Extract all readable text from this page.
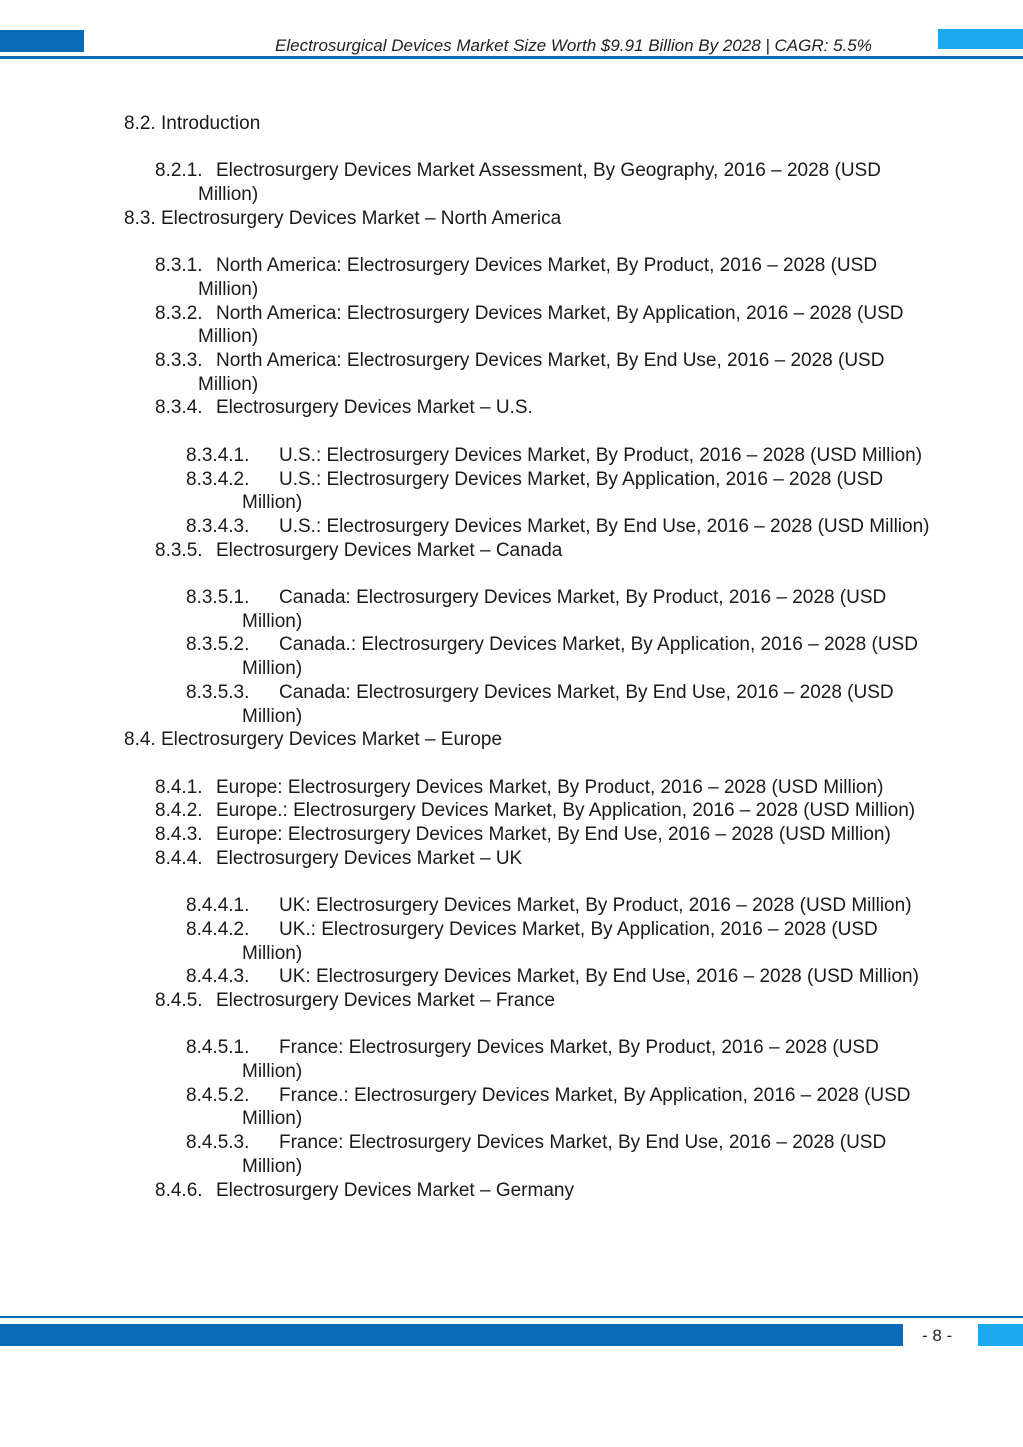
Electrosurgical Devices Market Size Worth $9.91 Billion By 2028 | CAGR: 5.5%
8.2. Introduction
8.2.1. Electrosurgery Devices Market Assessment, By Geography, 2016 – 2028 (USD Million)
8.3. Electrosurgery Devices Market – North America
8.3.1. North America: Electrosurgery Devices Market, By Product, 2016 – 2028 (USD Million)
8.3.2. North America: Electrosurgery Devices Market, By Application, 2016 – 2028 (USD Million)
8.3.3. North America: Electrosurgery Devices Market, By End Use, 2016 – 2028 (USD Million)
8.3.4. Electrosurgery Devices Market – U.S.
8.3.4.1.	U.S.: Electrosurgery Devices Market, By Product, 2016 – 2028 (USD Million)
8.3.4.2.	U.S.: Electrosurgery Devices Market, By Application, 2016 – 2028 (USD Million)
8.3.4.3.	U.S.: Electrosurgery Devices Market, By End Use, 2016 – 2028 (USD Million)
8.3.5. Electrosurgery Devices Market – Canada
8.3.5.1.	Canada: Electrosurgery Devices Market, By Product, 2016 – 2028 (USD Million)
8.3.5.2.	Canada.: Electrosurgery Devices Market, By Application, 2016 – 2028 (USD Million)
8.3.5.3.	Canada: Electrosurgery Devices Market, By End Use, 2016 – 2028 (USD Million)
8.4. Electrosurgery Devices Market – Europe
8.4.1. Europe: Electrosurgery Devices Market, By Product, 2016 – 2028 (USD Million)
8.4.2. Europe.: Electrosurgery Devices Market, By Application, 2016 – 2028 (USD Million)
8.4.3. Europe: Electrosurgery Devices Market, By End Use, 2016 – 2028 (USD Million)
8.4.4. Electrosurgery Devices Market – UK
8.4.4.1.	UK: Electrosurgery Devices Market, By Product, 2016 – 2028 (USD Million)
8.4.4.2.	UK.: Electrosurgery Devices Market, By Application, 2016 – 2028 (USD Million)
8.4.4.3.	UK: Electrosurgery Devices Market, By End Use, 2016 – 2028 (USD Million)
8.4.5. Electrosurgery Devices Market – France
8.4.5.1.	France: Electrosurgery Devices Market, By Product, 2016 – 2028 (USD Million)
8.4.5.2.	France.: Electrosurgery Devices Market, By Application, 2016 – 2028 (USD Million)
8.4.5.3.	France: Electrosurgery Devices Market, By End Use, 2016 – 2028 (USD Million)
8.4.6. Electrosurgery Devices Market – Germany
- 8 -
